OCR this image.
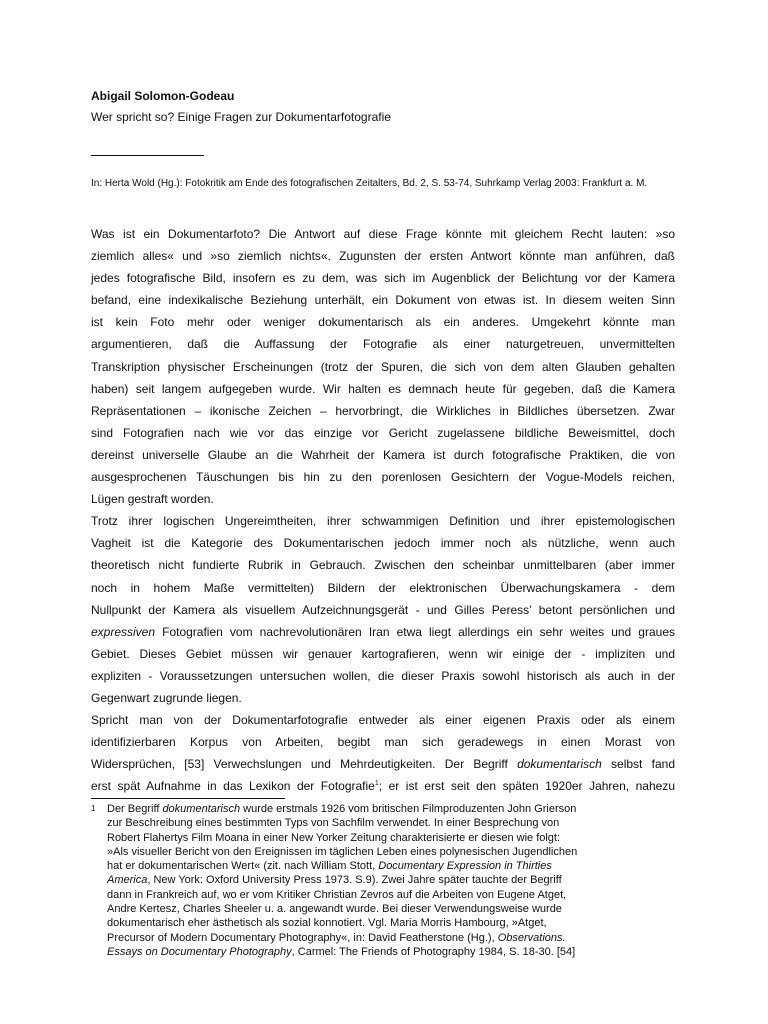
Abigail Solomon-Godeau
Wer spricht so? Einige Fragen zur Dokumentarfotografie
In: Herta Wold (Hg.): Fotokritik am Ende des fotografischen Zeitalters, Bd. 2, S. 53-74, Suhrkamp Verlag 2003: Frankfurt a. M.
Was ist ein Dokumentarfoto? Die Antwort auf diese Frage könnte mit gleichem Recht lauten: »so
ziemlich alles« und »so ziemlich nichts«. Zugunsten der ersten Antwort könnte man anführen, daß
jedes fotografische Bild, insofern es zu dem, was sich im Augenblick der Belichtung vor der Kamera
befand, eine indexikalische Beziehung unterhält, ein Dokument von etwas ist. In diesem weiten Sinn
ist kein Foto mehr oder weniger dokumentarisch als ein anderes. Umgekehrt könnte man
argumentieren, daß die Auffassung der Fotografie als einer naturgetreuen, unvermittelten
Transkription physischer Erscheinungen (trotz der Spuren, die sich von dem alten Glauben gehalten
haben) seit langem aufgegeben wurde. Wir halten es demnach heute für gegeben, daß die Kamera
Repräsentationen – ikonische Zeichen – hervorbringt, die Wirkliches in Bildliches übersetzen. Zwar
sind Fotografien nach wie vor das einzige vor Gericht zugelassene bildliche Beweismittel, doch
dereinst universelle Glaube an die Wahrheit der Kamera ist durch fotografische Praktiken, die von
ausgesprochenen Täuschungen bis hin zu den porenlosen Gesichtern der Vogue-Models reichen,
Lügen gestraft worden.
Trotz ihrer logischen Ungereimtheiten, ihrer schwammigen Definition und ihrer epistemologischen
Vagheit ist die Kategorie des Dokumentarischen jedoch immer noch als nützliche, wenn auch
theoretisch nicht fundierte Rubrik in Gebrauch. Zwischen den scheinbar unmittelbaren (aber immer
noch in hohem Maße vermittelten) Bildern der elektronischen Überwachungskamera - dem
Nullpunkt der Kamera als visuellem Aufzeichnungsgerät - und Gilles Peress’ betont persönlichen und
expressiven Fotografien vom nachrevolutionären Iran etwa liegt allerdings ein sehr weites und graues
Gebiet. Dieses Gebiet müssen wir genauer kartografieren, wenn wir einige der - impliziten und
expliziten - Voraussetzungen untersuchen wollen, die dieser Praxis sowohl historisch als auch in der
Gegenwart zugrunde liegen.
Spricht man von der Dokumentarfotografie entweder als einer eigenen Praxis oder als einem
identifizierbaren Korpus von Arbeiten, begibt man sich geradewegs in einen Morast von
Widersprüchen, [53] Verwechslungen und Mehrdeutigkeiten. Der Begriff dokumentarisch selbst fand
erst spät Aufnahme in das Lexikon der Fotografie$^1$; er ist erst seit den späten 1920er Jahren, nahezu
1 Der Begriff dokumentarisch wurde erstmals 1926 vom britischen Filmproduzenten John Grierson
zur Beschreibung eines bestimmten Typs von Sachfilm verwendet. In einer Besprechung von
Robert Flahertys Film Moana in einer New Yorker Zeitung charakterisierte er diesen wie folgt:
»Als visueller Bericht von den Ereignissen im täglichen Leben eines polynesischen Jugendlichen
hat er dokumentarischen Wert« (zit. nach William Stott, Documentary Expression in Thirties
America, New York: Oxford University Press 1973. S.9). Zwei Jahre später tauchte der Begriff
dann in Frankreich auf, wo er vom Kritiker Christian Zevros auf die Arbeiten von Eugene Atget,
Andre Kertesz, Charles Sheeler u. a. angewandt wurde. Bei dieser Verwendungsweise wurde
dokumentarisch eher ästhetisch als sozial konnotiert. Vgl. Maria Morris Hambourg, »Atget,
Precursor of Modern Documentary Photography«, in: David Featherstone (Hg.), Observations.
Essays on Documentary Photography, Carmel: The Friends of Photography 1984, S. 18-30. [54]
